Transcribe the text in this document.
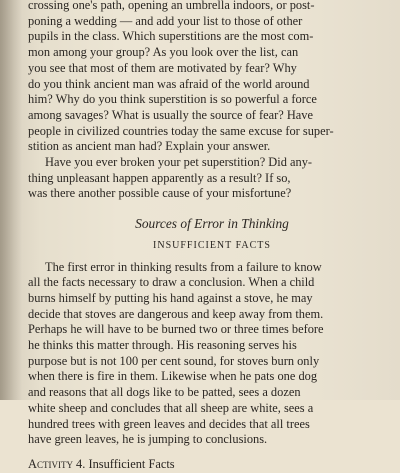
crossing one's path, opening an umbrella indoors, or post-
poning a wedding — and add your list to those of other
pupils in the class. Which superstitions are the most com-
mon among your group? As you look over the list, can
you see that most of them are motivated by fear? Why
do you think ancient man was afraid of the world around
him? Why do you think superstition is so powerful a force
among savages? What is usually the source of fear? Have
people in civilized countries today the same excuse for super-
stition as ancient man had? Explain your answer.

Have you ever broken your pet superstition? Did any-
thing unpleasant happen apparently as a result? If so,
was there another possible cause of your misfortune?

Sources of Error in Thinking

INSUFFICIENT FACTS

The first error in thinking results from a failure to know
all the facts necessary to draw a conclusion. When a child
burns himself by putting his hand against a stove, he may
decide that stoves are dangerous and keep away from them.
Perhaps he will have to be burned two or three times before
he thinks this matter through. His reasoning serves his
purpose but is not 100 per cent sound, for stoves burn only
when there is fire in them. Likewise when he pats one dog
and reasons that all dogs like to be patted, sees a dozen
white sheep and concludes that all sheep are white, sees a
hundred trees with green leaves and decides that all trees
have green leaves, he is jumping to conclusions.

Activity 4. Insufficient Facts
